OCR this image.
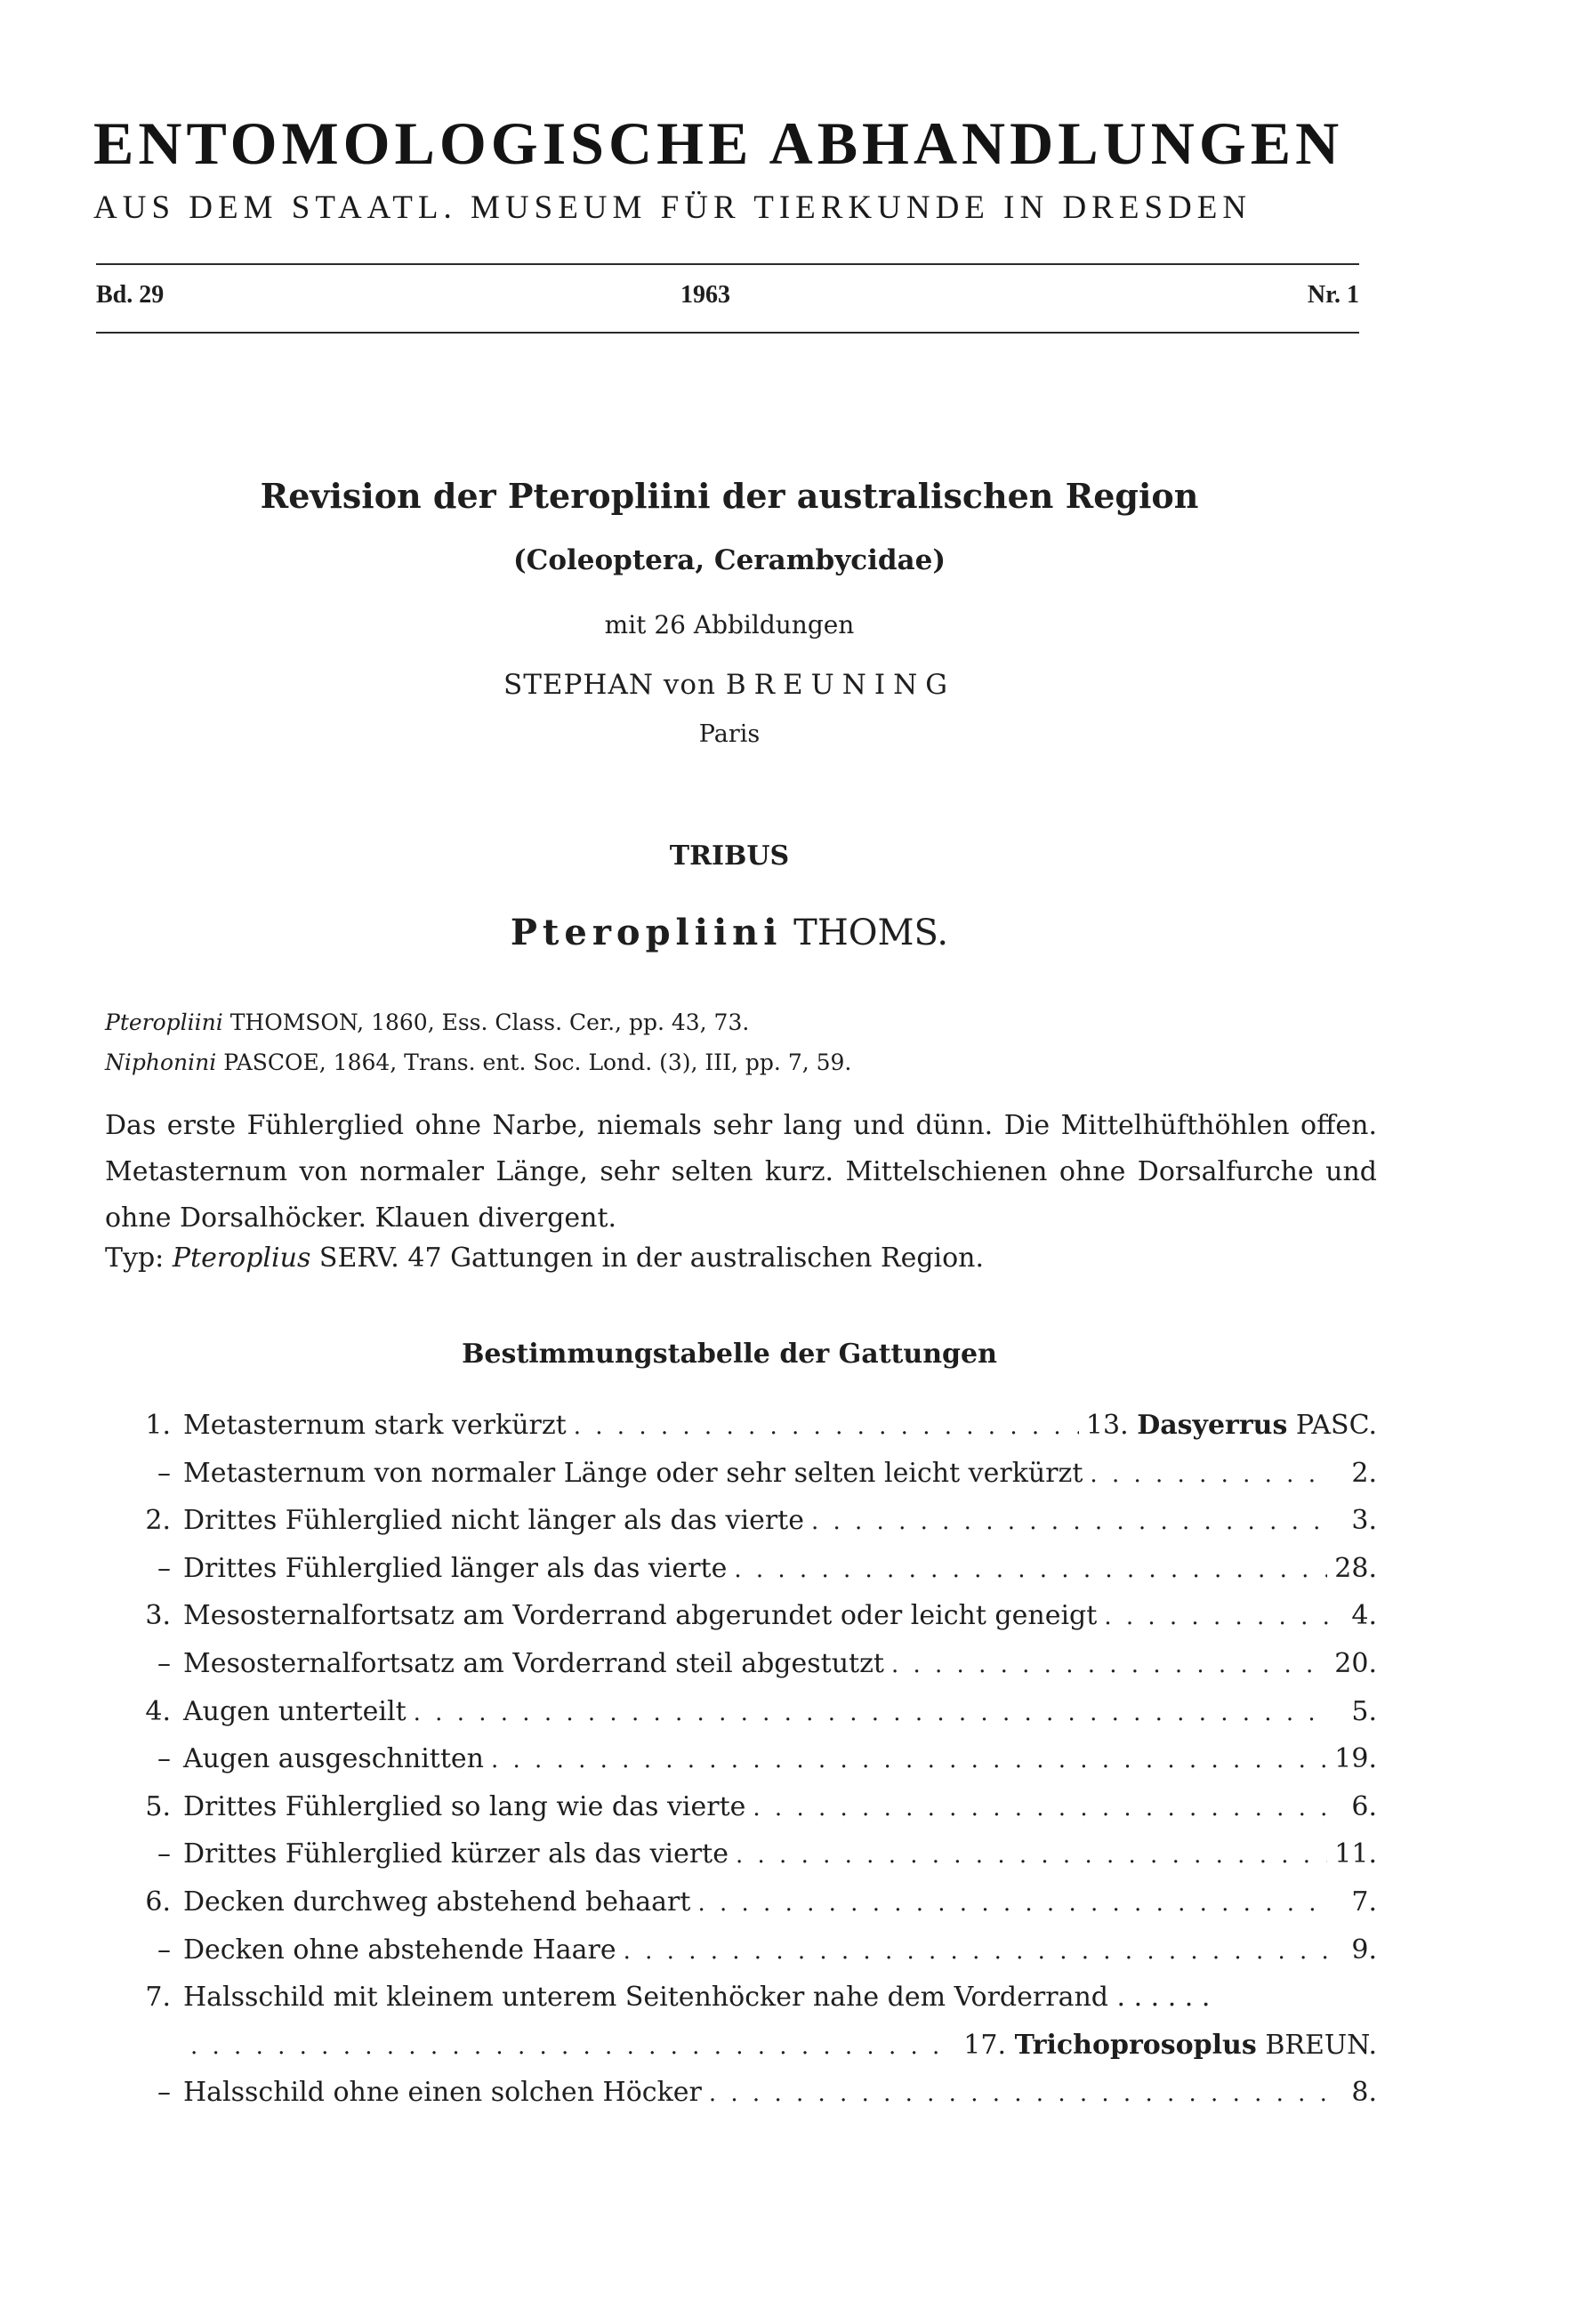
ENTOMOLOGISCHE ABHANDLUNGEN
AUS DEM STAATL. MUSEUM FÜR TIERKUNDE IN DRESDEN
Bd. 29	1963	Nr. 1
Revision der Pteropliini der australischen Region
(Coleoptera, Cerambycidae)
mit 26 Abbildungen
STEPHAN von BREUNING
Paris
TRIBUS
Pteropliini THOMS.
Pteropliini THOMSON, 1860, Ess. Class. Cer., pp. 43, 73.
Niphonini PASCOE, 1864, Trans. ent. Soc. Lond. (3), III, pp. 7, 59.
Das erste Fühlerglied ohne Narbe, niemals sehr lang und dünn. Die Mittelhüfthöhlen offen. Metasternum von normaler Länge, sehr selten kurz. Mittelschienen ohne Dorsalfurche und ohne Dorsalhöcker. Klauen divergent.
Typ: Pteroplius SERV. 47 Gattungen in der australischen Region.
Bestimmungstabelle der Gattungen
1. Metasternum stark verkürzt . . .	13. Dasyerrus PASC.
– Metasternum von normaler Länge oder sehr selten leicht verkürzt . . .	2.
2. Drittes Fühlerglied nicht länger als das vierte . . .	3.
– Drittes Fühlerglied länger als das vierte . . .	28.
3. Mesosternalfortsatz am Vorderrand abgerundet oder leicht geneigt . . .	4.
– Mesosternalfortsatz am Vorderrand steil abgestutzt . . .	20.
4. Augen unterteilt . . .	5.
– Augen ausgeschnitten . . .	19.
5. Drittes Fühlerglied so lang wie das vierte . . .	6.
– Drittes Fühlerglied kürzer als das vierte . . .	11.
6. Decken durchweg abstehend behaart . . .	7.
– Decken ohne abstehende Haare . . .	9.
7. Halsschild mit kleinem unterem Seitenhöcker nahe dem Vorderrand . . . . . .
. . .
17. Trichoprosoplus BREUN.
– Halsschild ohne einen solchen Höcker . . .	8.
